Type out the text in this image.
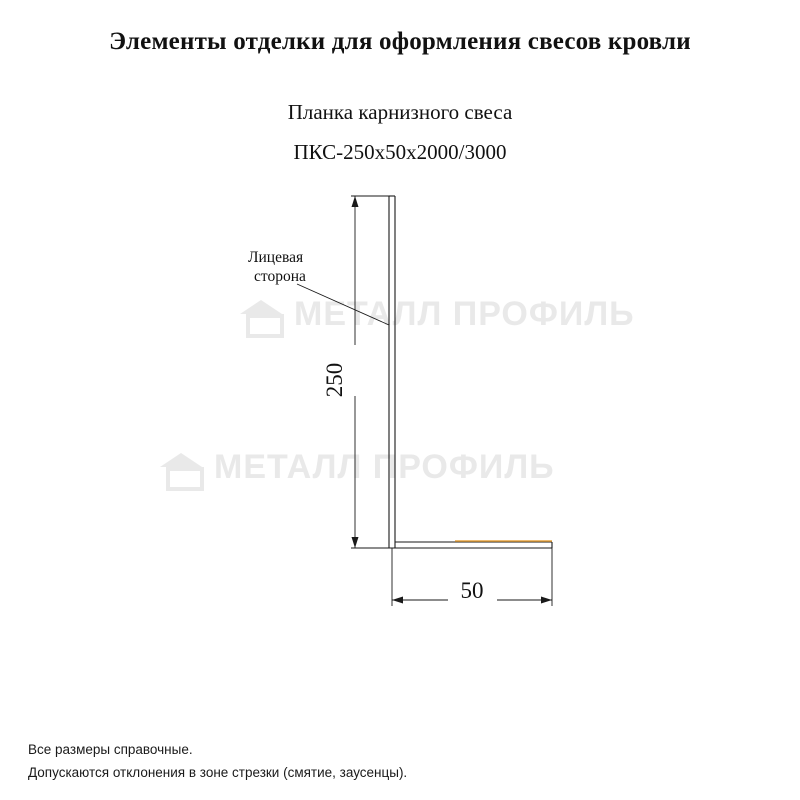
Элементы отделки для оформления свесов кровли
Планка карнизного свеса
ПКС-250х50х2000/3000
МЕТАЛЛ ПРОФИЛЬ
МЕТАЛЛ ПРОФИЛЬ
250
50
Лицевая
сторона
Все размеры справочные.
Допускаются отклонения в зоне стрезки (смятие, заусенцы).
